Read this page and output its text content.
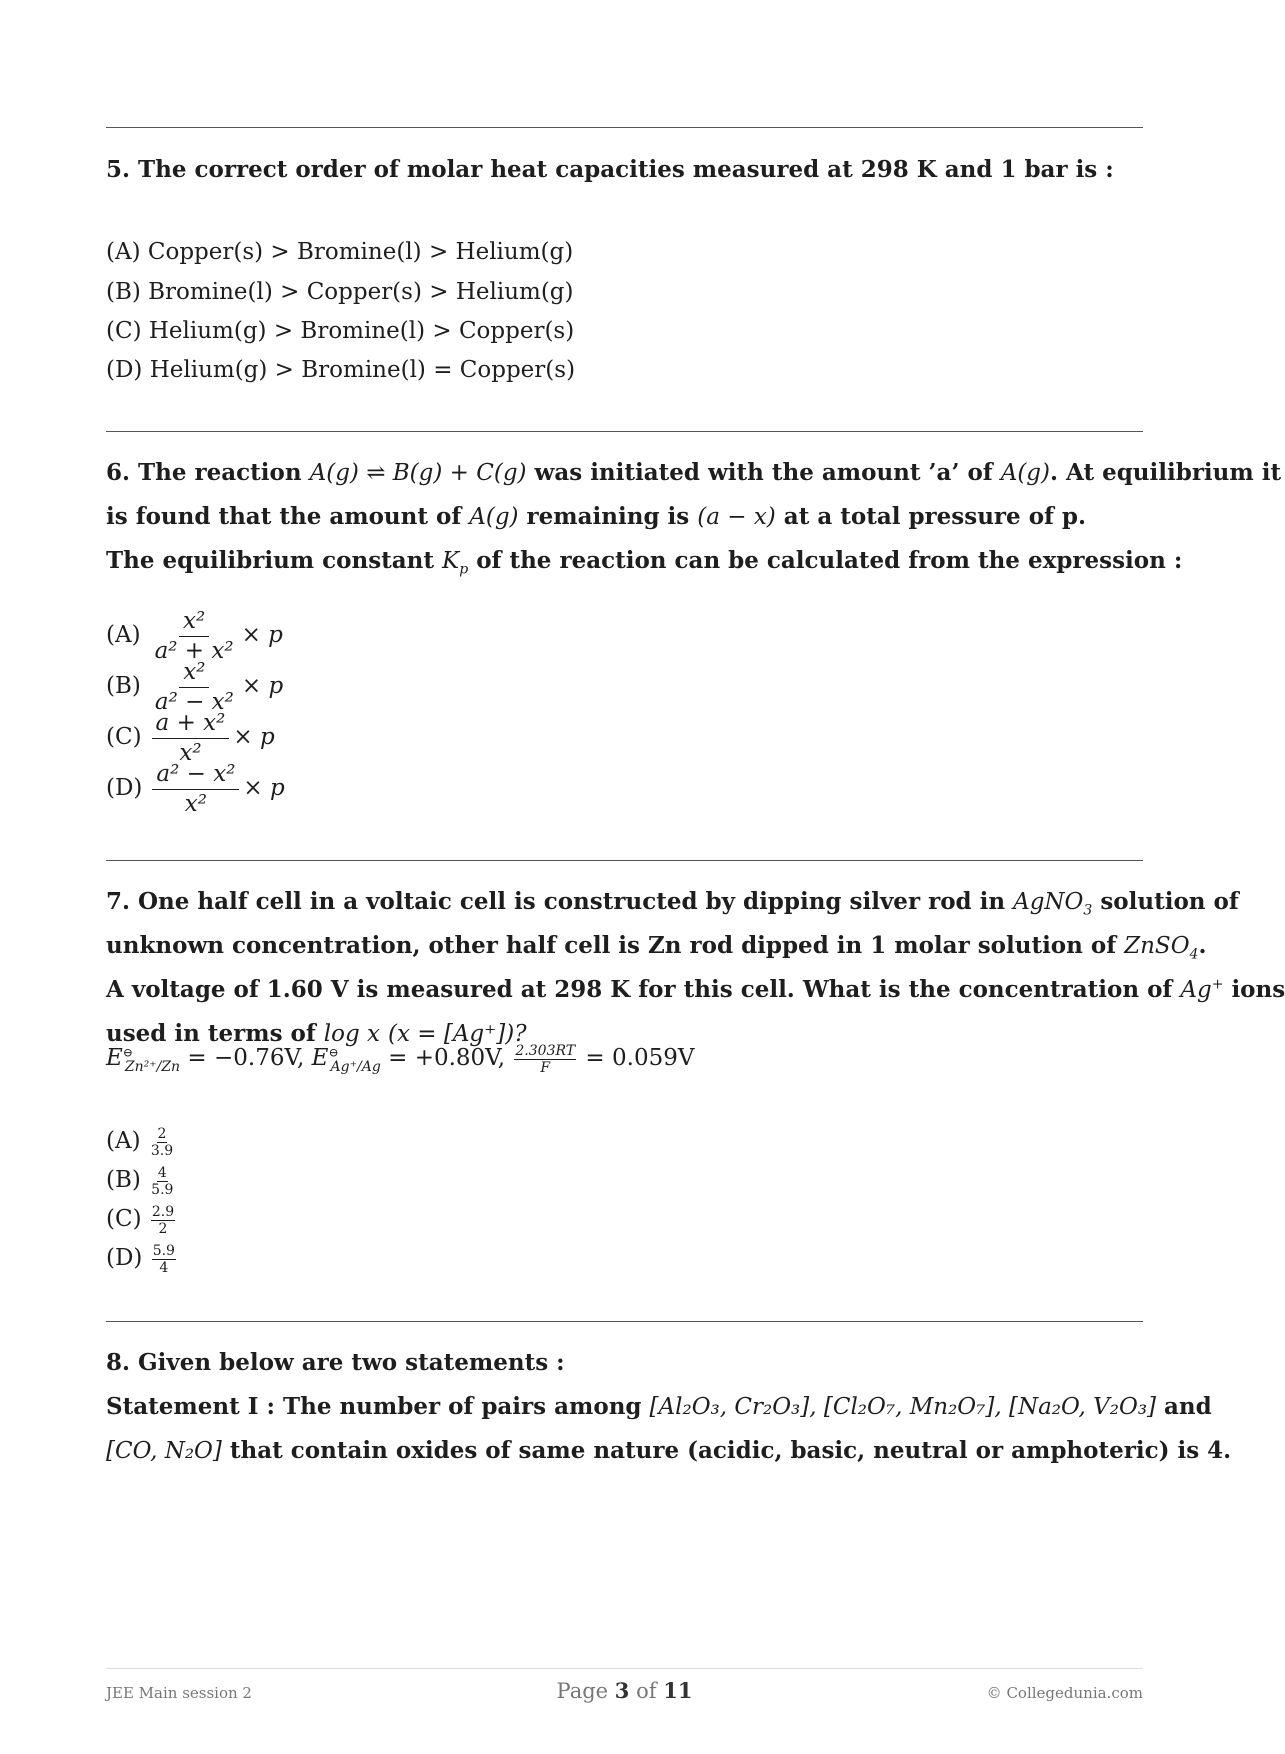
5. The correct order of molar heat capacities measured at 298 K and 1 bar is :
(A) Copper(s) > Bromine(l) > Helium(g)
(B) Bromine(l) > Copper(s) > Helium(g)
(C) Helium(g) > Bromine(l) > Copper(s)
(D) Helium(g) > Bromine(l) = Copper(s)
6. The reaction A(g) ⇌ B(g) + C(g) was initiated with the amount ’a’ of A(g). At equilibrium it
is found that the amount of A(g) remaining is (a − x) at a total pressure of p.
The equilibrium constant $K_p$ of the reaction can be calculated from the expression :
$(A) \frac{\text{x²}}{\text{a² + x²}} \times p$
$(B) \frac{\text{x²}}{\text{a² − x²}} \times p$
$(C) \frac{\text{a + x²}}{\text{x²}} \times p$
$(D) \frac{\text{a² − x²}}{\text{x²}} \times p$
7. One half cell in a voltaic cell is constructed by dipping silver rod in AgNO$_3$ solution of
unknown concentration, other half cell is Zn rod dipped in 1 molar solution of ZnSO$_4$.
A voltage of 1.60 V is measured at 298 K for this cell. What is the concentration of Ag+ ions
used in terms of log x (x = [Ag⁺])?
$E^⊖_{Zn^{2+}/Zn} = -0.76V$, $E^⊖_{Ag^+/Ag} = +0.80V$, $\frac{2.303RT}{F} = 0.059V$
$(A) \frac{2}{3.9}$
$(B) \frac{4}{5.9}$
$(C) \frac{2.9}{2}$
$(D) \frac{5.9}{4}$
8. Given below are two statements :
Statement I : The number of pairs among [Al₂O₃, Cr₂O₃], [Cl₂O₇, Mn₂O₇], [Na₂O, V₂O₃] and
[CO, N₂O] that contain oxides of same nature (acidic, basic, neutral or amphoteric) is 4.
JEE Main session 2	Page 3 of 11	© Collegedunia.com
